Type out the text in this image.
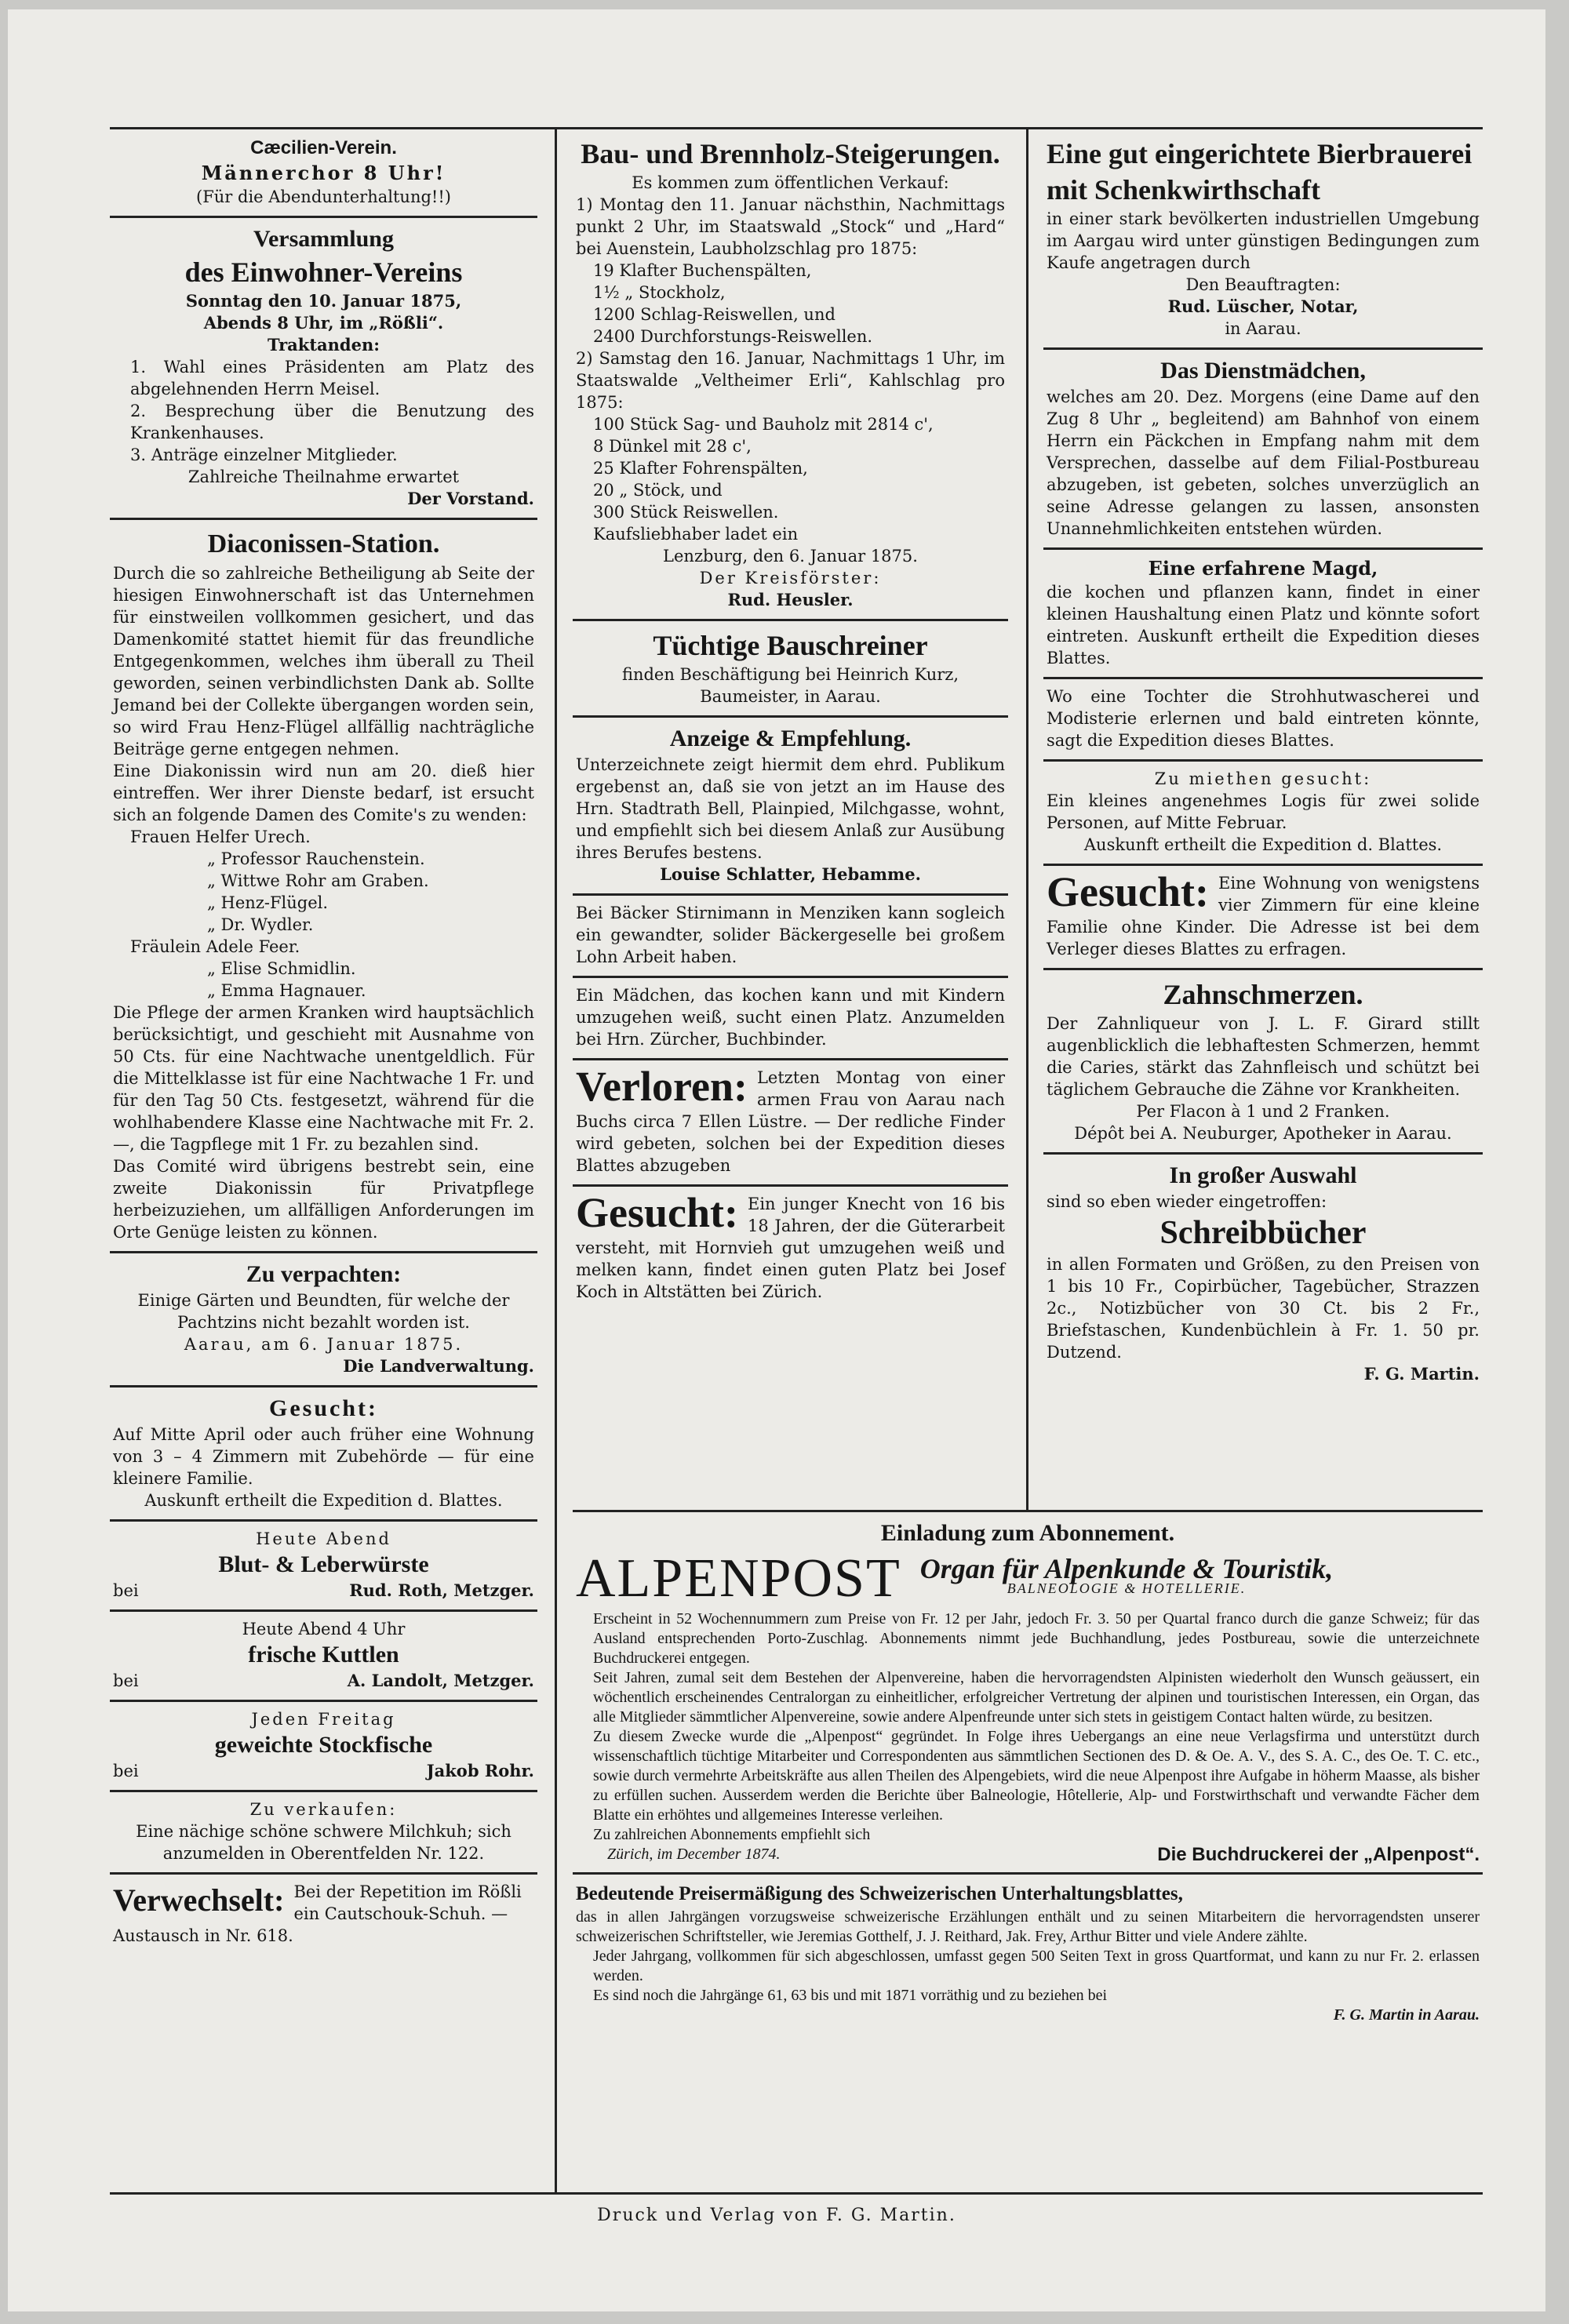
Cæcilien-Verein.
Männerchor 8 Uhr!
(Für die Abendunterhaltung!!)
Versammlung
des Einwohner-Vereins
Sonntag den 10. Januar 1875,
Abends 8 Uhr, im „Rößli“.
Traktanden:
1. Wahl eines Präsidenten am Platz des abgelehnenden Herrn Meisel.
2. Besprechung über die Benutzung des Krankenhauses.
3. Anträge einzelner Mitglieder.
Zahlreiche Theilnahme erwartet
Der Vorstand.
Diaconissen-Station.
Durch die so zahlreiche Betheiligung ab Seite der hiesigen Einwohnerschaft ist das Unternehmen für einstweilen vollkommen gesichert, und das Damenkomité stattet hiemit für das freundliche Entgegenkommen, welches ihm überall zu Theil geworden, seinen verbindlichsten Dank ab. Sollte Jemand bei der Collekte übergangen worden sein, so wird Frau Henz-Flügel allfällig nachträgliche Beiträge gerne entgegen nehmen.
Eine Diakonissin wird nun am 20. dieß hier eintreffen. Wer ihrer Dienste bedarf, ist ersucht sich an folgende Damen des Comite's zu wenden:
Frauen Helfer Urech.
„ Professor Rauchenstein.
„ Wittwe Rohr am Graben.
„ Henz-Flügel.
„ Dr. Wydler.
Fräulein Adele Feer.
„ Elise Schmidlin.
„ Emma Hagnauer.
Die Pflege der armen Kranken wird hauptsächlich berücksichtigt, und geschieht mit Ausnahme von 50 Cts. für eine Nachtwache unentgeldlich. Für die Mittelklasse ist für eine Nachtwache 1 Fr. und für den Tag 50 Cts. festgesetzt, während für die wohlhabendere Klasse eine Nachtwache mit Fr. 2. —, die Tagpflege mit 1 Fr. zu bezahlen sind.
Das Comité wird übrigens bestrebt sein, eine zweite Diakonissin für Privatpflege herbeizuziehen, um allfälligen Anforderungen im Orte Genüge leisten zu können.
Zu verpachten:
Einige Gärten und Beundten, für welche der Pachtzins nicht bezahlt worden ist.
Aarau, am 6. Januar 1875.
Die Landverwaltung.
Gesucht:
Auf Mitte April oder auch früher eine Wohnung von 3 – 4 Zimmern mit Zubehörde — für eine kleinere Familie.
Auskunft ertheilt die Expedition d. Blattes.
Heute Abend
Blut- & Leberwürste
bei	Rud. Roth, Metzger.
Heute Abend 4 Uhr
frische Kuttlen
bei	A. Landolt, Metzger.
Jeden Freitag
geweichte Stockfische
bei	Jakob Rohr.
Zu verkaufen:
Eine nächige schöne schwere Milchkuh; sich anzumelden in Oberentfelden Nr. 122.
Verwechselt: Bei der Repetition im Rößli ein Cautschouk-Schuh. — Austausch in Nr. 618.
Bau- und Brennholz-Steigerungen.
Es kommen zum öffentlichen Verkauf:
1) Montag den 11. Januar nächsthin, Nachmittags punkt 2 Uhr, im Staatswald „Stock“ und „Hard“ bei Auenstein, Laubholzschlag pro 1875:
19 Klafter Buchenspälten,
1½ „ Stockholz,
1200 Schlag-Reiswellen, und
2400 Durchforstungs-Reiswellen.
2) Samstag den 16. Januar, Nachmittags 1 Uhr, im Staatswalde „Veltheimer Erli“, Kahlschlag pro 1875:
100 Stück Sag- und Bauholz mit 2814 c',
8 Dünkel mit 28 c',
25 Klafter Fohrenspälten,
20 „ Stöck, und
300 Stück Reiswellen.
Kaufsliebhaber ladet ein
Lenzburg, den 6. Januar 1875.
Der Kreisförster:
Rud. Heusler.
Tüchtige Bauschreiner
finden Beschäftigung bei Heinrich Kurz, Baumeister, in Aarau.
Anzeige & Empfehlung.
Unterzeichnete zeigt hiermit dem ehrd. Publikum ergebenst an, daß sie von jetzt an im Hause des Hrn. Stadtrath Bell, Plainpied, Milchgasse, wohnt, und empfiehlt sich bei diesem Anlaß zur Ausübung ihres Berufes bestens.
Louise Schlatter, Hebamme.
Bei Bäcker Stirnimann in Menziken kann sogleich ein gewandter, solider Bäckergeselle bei großem Lohn Arbeit haben.
Ein Mädchen, das kochen kann und mit Kindern umzugehen weiß, sucht einen Platz. Anzumelden bei Hrn. Zürcher, Buchbinder.
Verloren: Letzten Montag von einer armen Frau von Aarau nach Buchs circa 7 Ellen Lüstre. — Der redliche Finder wird gebeten, solchen bei der Expedition dieses Blattes abzugeben
Gesucht: Ein junger Knecht von 16 bis 18 Jahren, der die Güterarbeit versteht, mit Hornvieh gut umzugehen weiß und melken kann, findet einen guten Platz bei Josef Koch in Altstätten bei Zürich.
Eine gut eingerichtete Bierbrauerei mit Schenkwirthschaft
in einer stark bevölkerten industriellen Umgebung im Aargau wird unter günstigen Bedingungen zum Kaufe angetragen durch
Den Beauftragten:
Rud. Lüscher, Notar,
in Aarau.
Das Dienstmädchen,
welches am 20. Dez. Morgens (eine Dame auf den Zug 8 Uhr „ begleitend) am Bahnhof von einem Herrn ein Päckchen in Empfang nahm mit dem Versprechen, dasselbe auf dem Filial-Postbureau abzugeben, ist gebeten, solches unverzüglich an seine Adresse gelangen zu lassen, ansonsten Unannehmlichkeiten entstehen würden.
Eine erfahrene Magd,
die kochen und pflanzen kann, findet in einer kleinen Haushaltung einen Platz und könnte sofort eintreten. Auskunft ertheilt die Expedition dieses Blattes.
Wo eine Tochter die Strohhutwascherei und Modisterie erlernen und bald eintreten könnte, sagt die Expedition dieses Blattes.
Zu miethen gesucht:
Ein kleines angenehmes Logis für zwei solide Personen, auf Mitte Februar.
Auskunft ertheilt die Expedition d. Blattes.
Gesucht: Eine Wohnung von wenigstens vier Zimmern für eine kleine Familie ohne Kinder. Die Adresse ist bei dem Verleger dieses Blattes zu erfragen.
Zahnschmerzen.
Der Zahnliqueur von J. L. F. Girard stillt augenblicklich die lebhaftesten Schmerzen, hemmt die Caries, stärkt das Zahnfleisch und schützt bei täglichem Gebrauche die Zähne vor Krankheiten.
Per Flacon à 1 und 2 Franken.
Dépôt bei A. Neuburger, Apotheker in Aarau.
In großer Auswahl
sind so eben wieder eingetroffen:
Schreibbücher
in allen Formaten und Größen, zu den Preisen von 1 bis 10 Fr., Copirbücher, Tagebücher, Strazzen 2c., Notizbücher von 30 Ct. bis 2 Fr., Briefstaschen, Kundenbüchlein à Fr. 1. 50 pr. Dutzend.
F. G. Martin.
Einladung zum Abonnement.
ALPENPOST Organ für Alpenkunde & Touristik,
BALNEOLOGIE & HOTELLERIE.
Erscheint in 52 Wochennummern zum Preise von Fr. 12 per Jahr, jedoch Fr. 3. 50 per Quartal franco durch die ganze Schweiz; für das Ausland entsprechenden Porto-Zuschlag. Abonnements nimmt jede Buchhandlung, jedes Postbureau, sowie die unterzeichnete Buchdruckerei entgegen.
Seit Jahren, zumal seit dem Bestehen der Alpenvereine, haben die hervorragendsten Alpinisten wiederholt den Wunsch geäussert, ein wöchentlich erscheinendes Centralorgan zu einheitlicher, erfolgreicher Vertretung der alpinen und touristischen Interessen, ein Organ, das alle Mitglieder sämmtlicher Alpenvereine, sowie andere Alpenfreunde unter sich stets in geistigem Contact halten würde, zu besitzen.
Zu diesem Zwecke wurde die „Alpenpost“ gegründet. In Folge ihres Uebergangs an eine neue Verlagsfirma und unterstützt durch wissenschaftlich tüchtige Mitarbeiter und Correspondenten aus sämmtlichen Sectionen des D. & Oe. A. V., des S. A. C., des Oe. T. C. etc., sowie durch vermehrte Arbeitskräfte aus allen Theilen des Alpengebiets, wird die neue Alpenpost ihre Aufgabe in höherm Maasse, als bisher zu erfüllen suchen. Ausserdem werden die Berichte über Balneologie, Hôtellerie, Alp- und Forstwirthschaft und verwandte Fächer dem Blatte ein erhöhtes und allgemeines Interesse verleihen.
Zu zahlreichen Abonnements empfiehlt sich
Zürich, im December 1874.	Die Buchdruckerei der „Alpenpost“.
Bedeutende Preisermäßigung des Schweizerischen Unterhaltungsblattes,
das in allen Jahrgängen vorzugsweise schweizerische Erzählungen enthält und zu seinen Mitarbeitern die hervorragendsten unserer schweizerischen Schriftsteller, wie Jeremias Gotthelf, J. J. Reithard, Jak. Frey, Arthur Bitter und viele Andere zählte.
Jeder Jahrgang, vollkommen für sich abgeschlossen, umfasst gegen 500 Seiten Text in gross Quartformat, und kann zu nur Fr. 2. erlassen werden.
Es sind noch die Jahrgänge 61, 63 bis und mit 1871 vorräthig und zu beziehen bei
F. G. Martin in Aarau.
Druck und Verlag von F. G. Martin.
